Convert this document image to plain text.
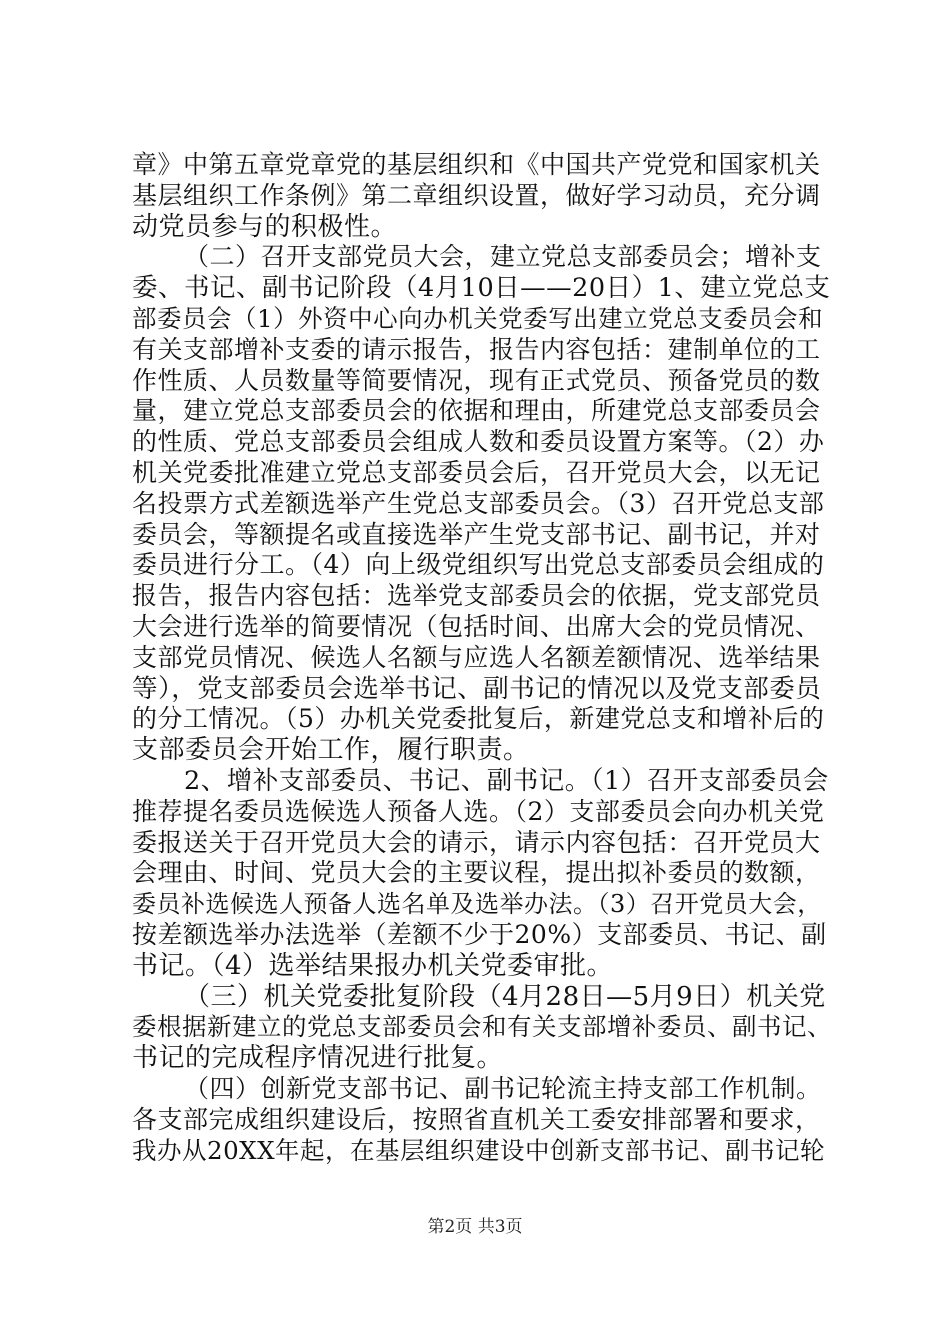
章》中第五章党章党的基层组织和《中国共产党党和国家机关
基层组织工作条例》第二章组织设置，做好学习动员，充分调
动党员参与的积极性。
（二）召开支部党员大会，建立党总支部委员会；增补支
委、书记、副书记阶段（4月10日——20日）1、建立党总支
部委员会（1）外资中心向办机关党委写出建立党总支委员会和
有关支部增补支委的请示报告，报告内容包括：建制单位的工
作性质、人员数量等简要情况，现有正式党员、预备党员的数
量，建立党总支部委员会的依据和理由，所建党总支部委员会
的性质、党总支部委员会组成人数和委员设置方案等。（2）办
机关党委批准建立党总支部委员会后，召开党员大会，以无记
名投票方式差额选举产生党总支部委员会。（3）召开党总支部
委员会，等额提名或直接选举产生党支部书记、副书记，并对
委员进行分工。（4）向上级党组织写出党总支部委员会组成的
报告，报告内容包括：选举党支部委员会的依据，党支部党员
大会进行选举的简要情况（包括时间、出席大会的党员情况、
支部党员情况、候选人名额与应选人名额差额情况、选举结果
等），党支部委员会选举书记、副书记的情况以及党支部委员
的分工情况。（5）办机关党委批复后，新建党总支和增补后的
支部委员会开始工作，履行职责。
2、增补支部委员、书记、副书记。（1）召开支部委员会
推荐提名委员选候选人预备人选。（2）支部委员会向办机关党
委报送关于召开党员大会的请示，请示内容包括：召开党员大
会理由、时间、党员大会的主要议程，提出拟补委员的数额，
委员补选候选人预备人选名单及选举办法。（3）召开党员大会，
按差额选举办法选举（差额不少于20%）支部委员、书记、副
书记。（4）选举结果报办机关党委审批。
（三）机关党委批复阶段（4月28日—5月9日）机关党
委根据新建立的党总支部委员会和有关支部增补委员、副书记、
书记的完成程序情况进行批复。
（四）创新党支部书记、副书记轮流主持支部工作机制。
各支部完成组织建设后，按照省直机关工委安排部署和要求，
我办从20XX年起，在基层组织建设中创新支部书记、副书记轮
第2页 共3页
